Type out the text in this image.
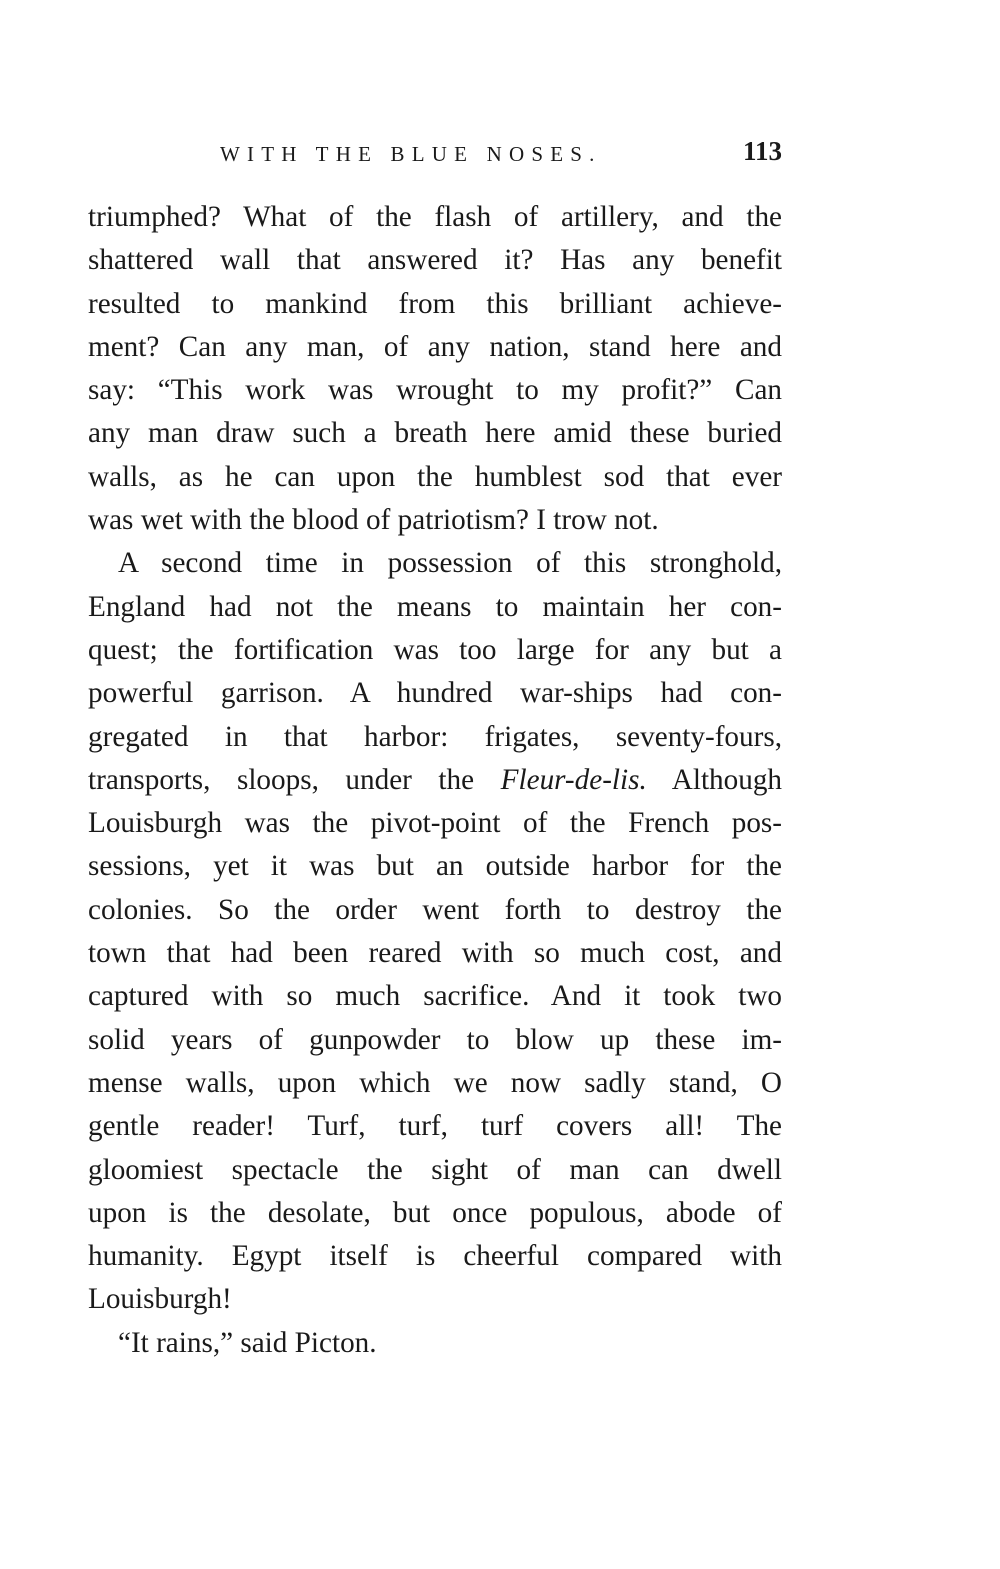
WITH THE BLUE NOSES.	113
triumphed? What of the flash of artillery, and the
shattered wall that answered it? Has any benefit
resulted to mankind from this brilliant achieve-
ment? Can any man, of any nation, stand here and
say: “This work was wrought to my profit?” Can
any man draw such a breath here amid these buried
walls, as he can upon the humblest sod that ever
was wet with the blood of patriotism? I trow not.
A second time in possession of this stronghold,
England had not the means to maintain her con-
quest; the fortification was too large for any but a
powerful garrison. A hundred war-ships had con-
gregated in that harbor: frigates, seventy-fours,
transports, sloops, under the Fleur-de-lis. Although
Louisburgh was the pivot-point of the French pos-
sessions, yet it was but an outside harbor for the
colonies. So the order went forth to destroy the
town that had been reared with so much cost, and
captured with so much sacrifice. And it took two
solid years of gunpowder to blow up these im-
mense walls, upon which we now sadly stand, O
gentle reader! Turf, turf, turf covers all! The
gloomiest spectacle the sight of man can dwell
upon is the desolate, but once populous, abode of
humanity. Egypt itself is cheerful compared with
Louisburgh!
“It rains,” said Picton.
